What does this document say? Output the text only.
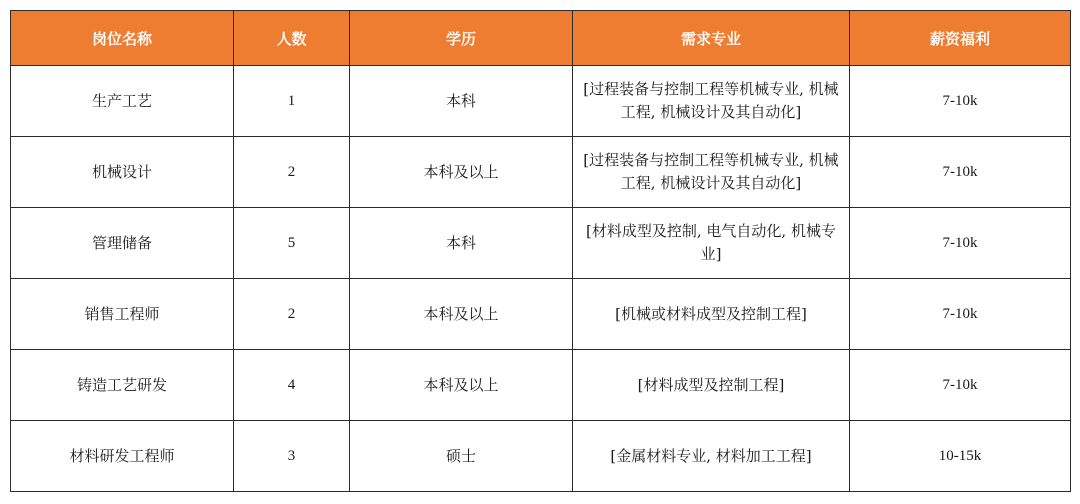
岗位名称	人数	学历	需求专业	薪资福利
生产工艺	1	本科	[过程装备与控制工程等机械专业, 机械工程, 机械设计及其自动化]	7-10k
机械设计	2	本科及以上	[过程装备与控制工程等机械专业, 机械工程, 机械设计及其自动化]	7-10k
管理储备	5	本科	[材料成型及控制, 电气自动化, 机械专业]	7-10k
销售工程师	2	本科及以上	[机械或材料成型及控制工程]	7-10k
铸造工艺研发	4	本科及以上	[材料成型及控制工程]	7-10k
材料研发工程师	3	硕士	[金属材料专业, 材料加工工程]	10-15k
